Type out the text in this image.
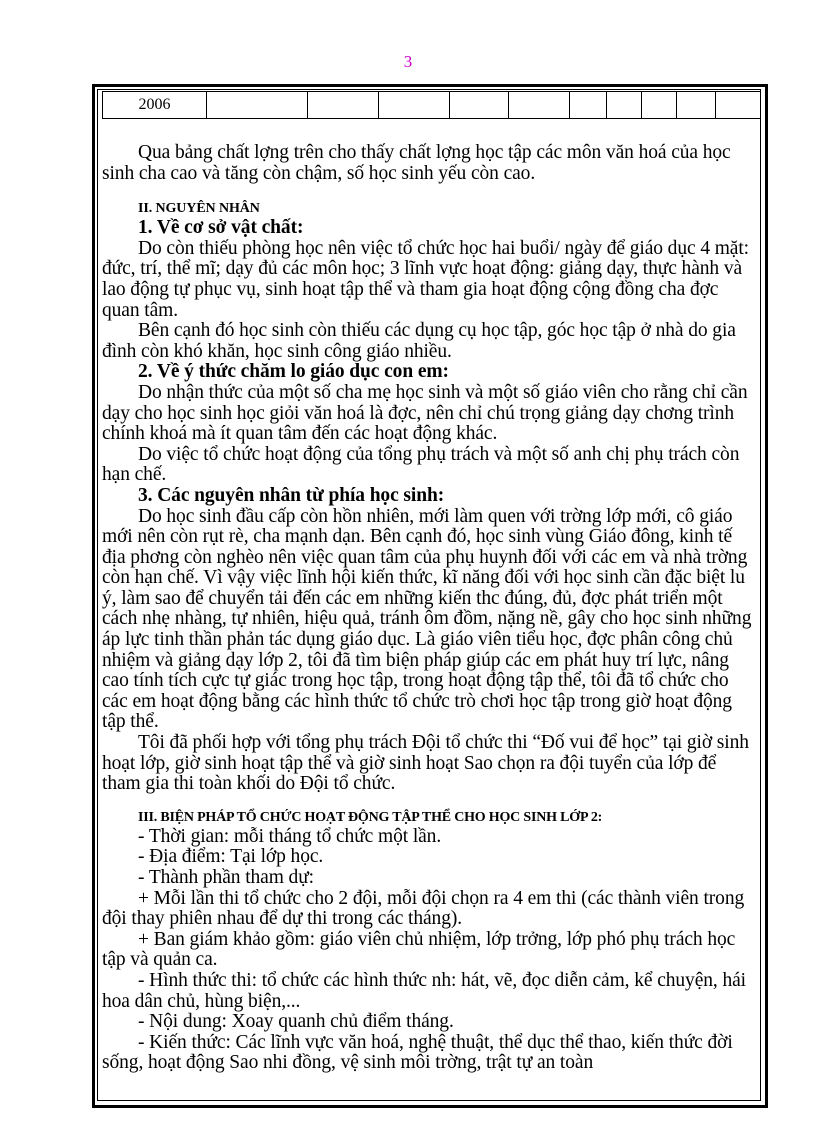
3
2006										

Qua bảng chất lợng trên cho thấy chất lợng học tập các môn văn hoá của học sinh cha cao và tăng còn chậm, số học sinh yếu còn cao.

II. NGUYÊN NHÂN

1. Về cơ sở vật chất:

Do còn thiếu phòng học nên việc tổ chức học hai buổi/ ngày để giáo dục 4 mặt: đức, trí, thể mĩ; dạy đủ các môn học; 3 lĩnh vực hoạt động: giảng dạy, thực hành và lao động tự phục vụ, sinh hoạt tập thể và tham gia hoạt động cộng đồng cha đợc quan tâm.

Bên cạnh đó học sinh còn thiếu các dụng cụ học tập, góc học tập ở nhà do gia đình còn khó khăn, học sinh công giáo nhiều.

2. Về ý thức chăm lo giáo dục con em:

Do nhận thức của một số cha mẹ học sinh và một số giáo viên cho rằng chỉ cần dạy cho học sinh học giỏi văn hoá là đợc, nên chỉ chú trọng giảng dạy chơng trình chính khoá mà ít quan tâm đến các hoạt động khác.

Do việc tổ chức hoạt động của tổng phụ trách và một số anh chị phụ trách còn hạn chế.

3. Các nguyên nhân từ phía học sinh:

Do học sinh đầu cấp còn hồn nhiên, mới làm quen với trờng lớp mới, cô giáo mới nên còn rụt rè, cha mạnh dạn. Bên cạnh đó, học sinh vùng Giáo đông, kinh tế địa phơng còn nghèo nên việc quan tâm của phụ huynh đối với các em và nhà trờng còn hạn chế. Vì vậy việc lĩnh hội kiến thức, kĩ năng đối với học sinh cần đặc biệt lu ý, làm sao để chuyển tải đến các em những kiến thc đúng, đủ, đợc phát triển một cách nhẹ nhàng, tự nhiên, hiệu quả, tránh ôm đồm, nặng nề, gây cho học sinh những áp lực tinh thần phản tác dụng giáo dục. Là giáo viên tiểu học, đợc phân công chủ nhiệm và giảng dạy lớp 2, tôi đã tìm biện pháp giúp các em phát huy trí lực, nâng cao tính tích cực tự giác trong học tập, trong hoạt động tập thể, tôi đã tổ chức cho các em hoạt động bằng các hình thức tổ chức trò chơi học tập trong giờ hoạt động tập thể.

Tôi đã phối hợp với tổng phụ trách Đội tổ chức thi “Đố vui để học” tại giờ sinh hoạt lớp, giờ sinh hoạt tập thể và giờ sinh hoạt Sao chọn ra đội tuyển của lớp để tham gia thi toàn khối do Đội tổ chức.

III. BIỆN PHÁP TỔ CHỨC HOẠT ĐỘNG TẬP THỂ CHO HỌC SINH LỚP 2:

- Thời gian: mỗi tháng tổ chức một lần.

- Địa điểm: Tại lớp học.

- Thành phần tham dự:

+ Mỗi lần thi tổ chức cho 2 đội, mỗi đội chọn ra 4 em thi (các thành viên trong đội thay phiên nhau để dự thi trong các tháng).

+ Ban giám khảo gồm: giáo viên chủ nhiệm, lớp trởng, lớp phó phụ trách học tập và quản ca.

- Hình thức thi: tổ chức các hình thức nh: hát, vẽ, đọc diễn cảm, kể chuyện, hái hoa dân chủ, hùng biện,...

- Nội dung: Xoay quanh chủ điểm tháng.

- Kiến thức: Các lĩnh vực văn hoá, nghệ thuật, thể dục thể thao, kiến thức đời sống, hoạt động Sao nhi đồng, vệ sinh môi trờng, trật tự an toàn
